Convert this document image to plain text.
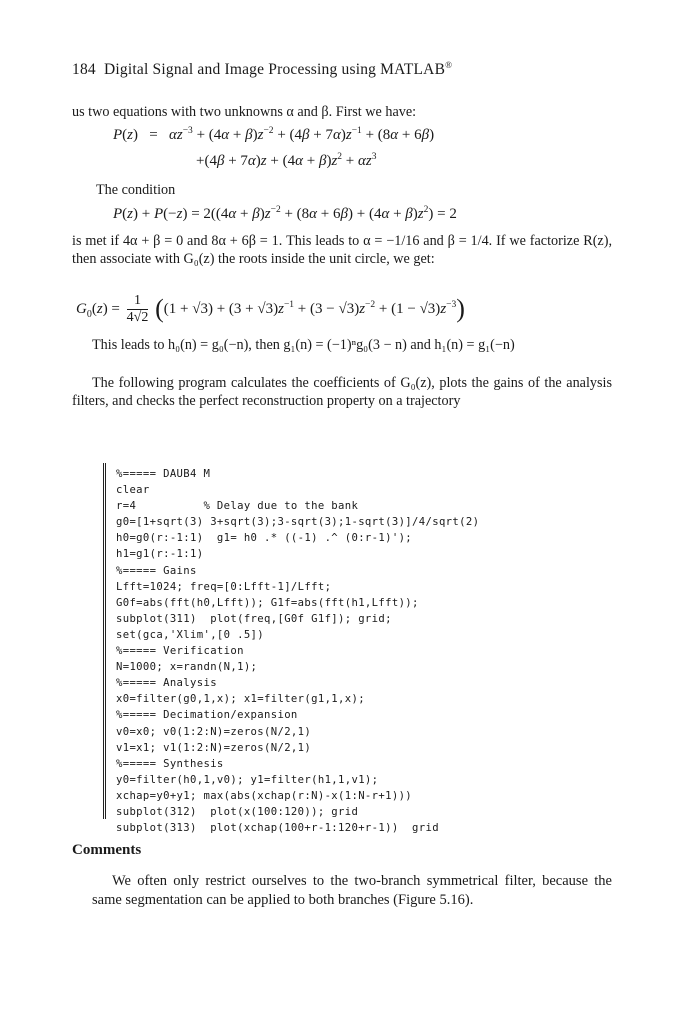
184 Digital Signal and Image Processing using MATLAB®
us two equations with two unknowns α and β. First we have:
$P(z) = \alpha z^{-3} + (4\alpha + \beta)z^{-2} + (4\beta + 7\alpha)z^{-1} + (8\alpha + 6\beta)$
$+(4\beta + 7\alpha)z + (4\alpha + \beta)z^2 + \alpha z^3$
The condition
$P(z) + P(-z) = 2((4\alpha + \beta)z^{-2} + (8\alpha + 6\beta) + (4\alpha + \beta)z^2) = 2$
is met if 4α + β = 0 and 8α + 6β = 1. This leads to α = −1/16 and β = 1/4. If we factorize R(z), then associate with G₀(z) the roots inside the unit circle, we get:
$G_0(z) = \frac{1}{4√2} ((1 + √3) + (3 + √3)z^{-1} + (3 - √3)z^{-2} + (1 - √3)z^{-3})$
This leads to h₀(n) = g₀(−n), then g₁(n) = (−1)ⁿg₀(3 − n) and h₁(n) = g₁(−n)
The following program calculates the coefficients of G₀(z), plots the gains of the analysis filters, and checks the perfect reconstruction property on a trajectory
%===== DAUB4 M
clear
r=4          % Delay due to the bank
g0=[1+sqrt(3) 3+sqrt(3);3-sqrt(3);1-sqrt(3)]/4/sqrt(2)
h0=g0(r:-1:1)  g1= h0 .* ((-1) .^ (0:r-1)');
h1=g1(r:-1:1)
%===== Gains
Lfft=1024; freq=[0:Lfft-1]/Lfft;
G0f=abs(fft(h0,Lfft)); G1f=abs(fft(h1,Lfft));
subplot(311)  plot(freq,[G0f G1f]); grid;
set(gca,'Xlim',[0 .5])
%===== Verification
N=1000; x=randn(N,1);
%===== Analysis
x0=filter(g0,1,x); x1=filter(g1,1,x);
%===== Decimation/expansion
v0=x0; v0(1:2:N)=zeros(N/2,1)
v1=x1; v1(1:2:N)=zeros(N/2,1)
%===== Synthesis
y0=filter(h0,1,v0); y1=filter(h1,1,v1);
xchap=y0+y1; max(abs(xchap(r:N)-x(1:N-r+1)))
subplot(312)  plot(x(100:120)); grid
subplot(313)  plot(xchap(100+r-1:120+r-1))  grid
Comments
We often only restrict ourselves to the two-branch symmetrical filter, because the same segmentation can be applied to both branches (Figure 5.16).
